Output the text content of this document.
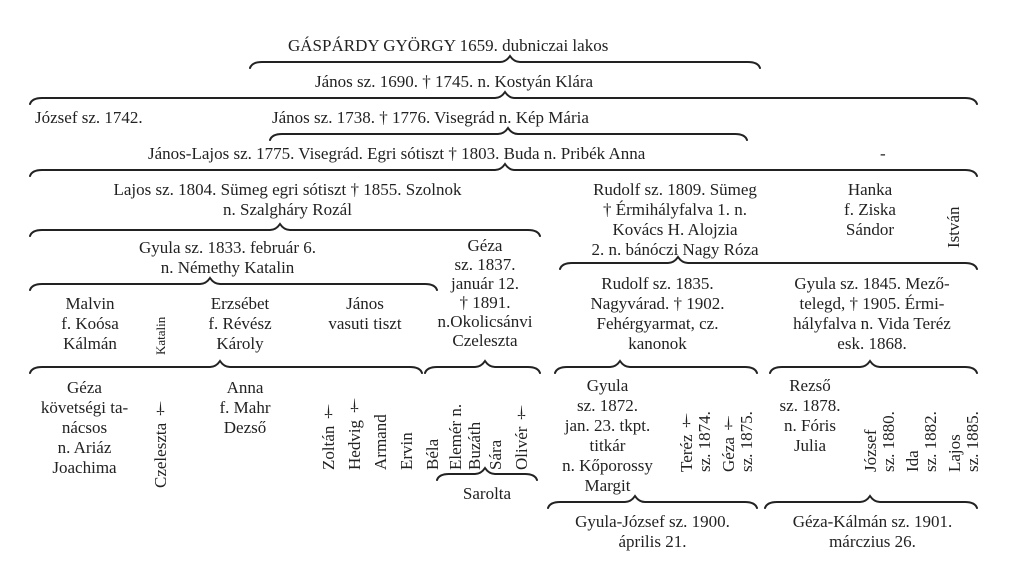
GÁSPÁRDY GYÖRGY 1659. dubniczai lakos
János sz. 1690. † 1745. n. Kostyán Klára
József sz. 1742.	János sz. 1738. † 1776. Visegrád n. Kép Mária
János-Lajos sz. 1775. Visegrád. Egri sótiszt † 1803. Buda n. Pribék Anna	-
Lajos sz. 1804. Sümeg egri sótiszt † 1855. Szolnok
n. Szalgháry Rozál
Rudolf sz. 1809. Sümeg
† Érmihályfalva 1. n.
Kovács H. Alojzia
2. n. bánóczi Nagy Róza
Hanka
f. Ziska
Sándor	István
Gyula sz. 1833. február 6.
n. Némethy Katalin
Géza
sz. 1837.
január 12.
† 1891.
n.Okolicsánvi
Czeleszta
Rudolf sz. 1835.
Nagyvárad. † 1902.
Fehérgyarmat, cz.
kanonok
Gyula sz. 1845. Mező-
telegd, † 1905. Érmi-
hályfalva n. Vida Teréz
esk. 1868.
Malvin
f. Koósa
Kálmán	Katalin
Erzsébet
f. Révész
Károly
János
vasuti tiszt
Géza
követségi ta-
nácsos
n. Ariáz
Joachima	Czeleszta †
Anna
f. Mahr
Dezső	Zoltán † Hedvig † Armand Ervin Béla Elemér n. Buzáth Sára Olivér †
Sarolta
Gyula
sz. 1872.
jan. 23. tkpt.
titkár
n. Kőporossy
Margit
Teréz † sz. 1874. Géza † sz. 1875.
Rezső
sz. 1878.
n. Fóris
Julia	József sz. 1880. Ida sz. 1882. Lajos sz. 1885.
Gyula-József sz. 1900.
április 21.
Géza-Kálmán sz. 1901.
márczius 26.
